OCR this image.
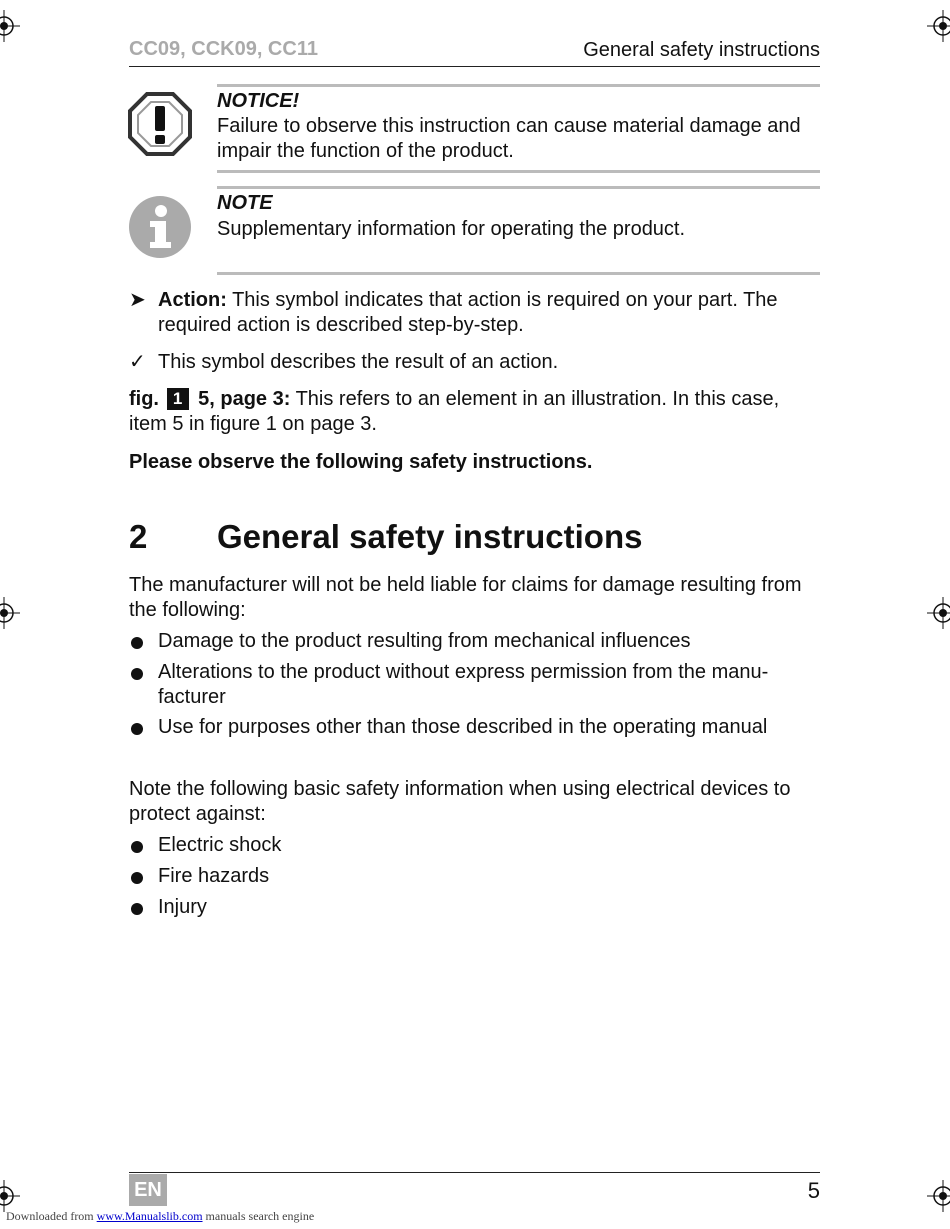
CC09, CCK09, CC11	General safety instructions
NOTICE!
Failure to observe this instruction can cause material damage and impair the function of the product.
NOTE
Supplementary information for operating the product.
➤ Action: This symbol indicates that action is required on your part. The required action is described step-by-step.
✓ This symbol describes the result of an action.
fig. 1 5, page 3: This refers to an element in an illustration. In this case, item 5 in figure 1 on page 3.
Please observe the following safety instructions.
2 General safety instructions
The manufacturer will not be held liable for claims for damage resulting from the following:
Damage to the product resulting from mechanical influences
Alterations to the product without express permission from the manu-facturer
Use for purposes other than those described in the operating manual
Note the following basic safety information when using electrical devices to protect against:
Electric shock
Fire hazards
Injury
EN	5
Downloaded from www.Manualslib.com manuals search engine
